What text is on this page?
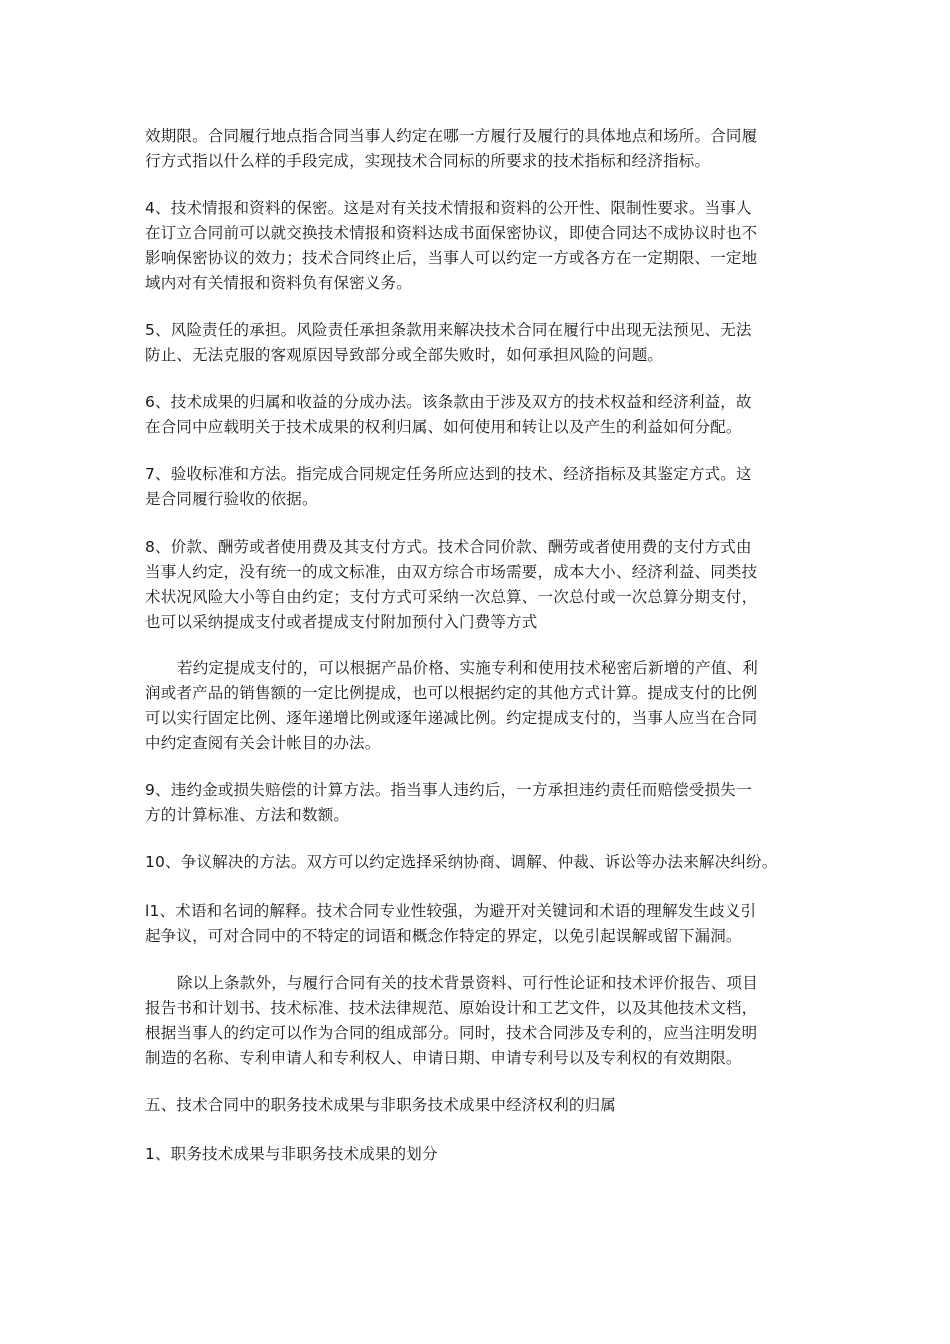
效期限。合同履行地点指合同当事人约定在哪一方履行及履行的具体地点和场所。合同履
行方式指以什么样的手段完成，实现技术合同标的所要求的技术指标和经济指标。
4、技术情报和资料的保密。这是对有关技术情报和资料的公开性、限制性要求。当事人
在订立合同前可以就交换技术情报和资料达成书面保密协议，即使合同达不成协议时也不
影响保密协议的效力；技术合同终止后，当事人可以约定一方或各方在一定期限、一定地
域内对有关情报和资料负有保密义务。
5、风险责任的承担。风险责任承担条款用来解决技术合同在履行中出现无法预见、无法
防止、无法克服的客观原因导致部分或全部失败时，如何承担风险的问题。
6、技术成果的归属和收益的分成办法。该条款由于涉及双方的技术权益和经济利益，故
在合同中应载明关于技术成果的权利归属、如何使用和转让以及产生的利益如何分配。
7、验收标准和方法。指完成合同规定任务所应达到的技术、经济指标及其鉴定方式。这
是合同履行验收的依据。
8、价款、酬劳或者使用费及其支付方式。技术合同价款、酬劳或者使用费的支付方式由
当事人约定，没有统一的成文标准，由双方综合市场需要，成本大小、经济利益、同类技
术状况风险大小等自由约定；支付方式可采纳一次总算、一次总付或一次总算分期支付，
也可以采纳提成支付或者提成支付附加预付入门费等方式
若约定提成支付的，可以根据产品价格、实施专利和使用技术秘密后新增的产值、利
润或者产品的销售额的一定比例提成，也可以根据约定的其他方式计算。提成支付的比例
可以实行固定比例、逐年递增比例或逐年递减比例。约定提成支付的，当事人应当在合同
中约定查阅有关会计帐目的办法。
9、违约金或损失赔偿的计算方法。指当事人违约后，一方承担违约责任而赔偿受损失一
方的计算标准、方法和数额。
10、争议解决的方法。双方可以约定选择采纳协商、调解、仲裁、诉讼等办法来解决纠纷。
l1、术语和名词的解释。技术合同专业性较强，为避开对关键词和术语的理解发生歧义引
起争议，可对合同中的不特定的词语和概念作特定的界定，以免引起误解或留下漏洞。
除以上条款外，与履行合同有关的技术背景资料、可行性论证和技术评价报告、项目
报告书和计划书、技术标准、技术法律规范、原始设计和工艺文件，以及其他技术文档，
根据当事人的约定可以作为合同的组成部分。同时，技术合同涉及专利的，应当注明发明
制造的名称、专利申请人和专利权人、申请日期、申请专利号以及专利权的有效期限。
五、技术合同中的职务技术成果与非职务技术成果中经济权利的归属
1、职务技术成果与非职务技术成果的划分
